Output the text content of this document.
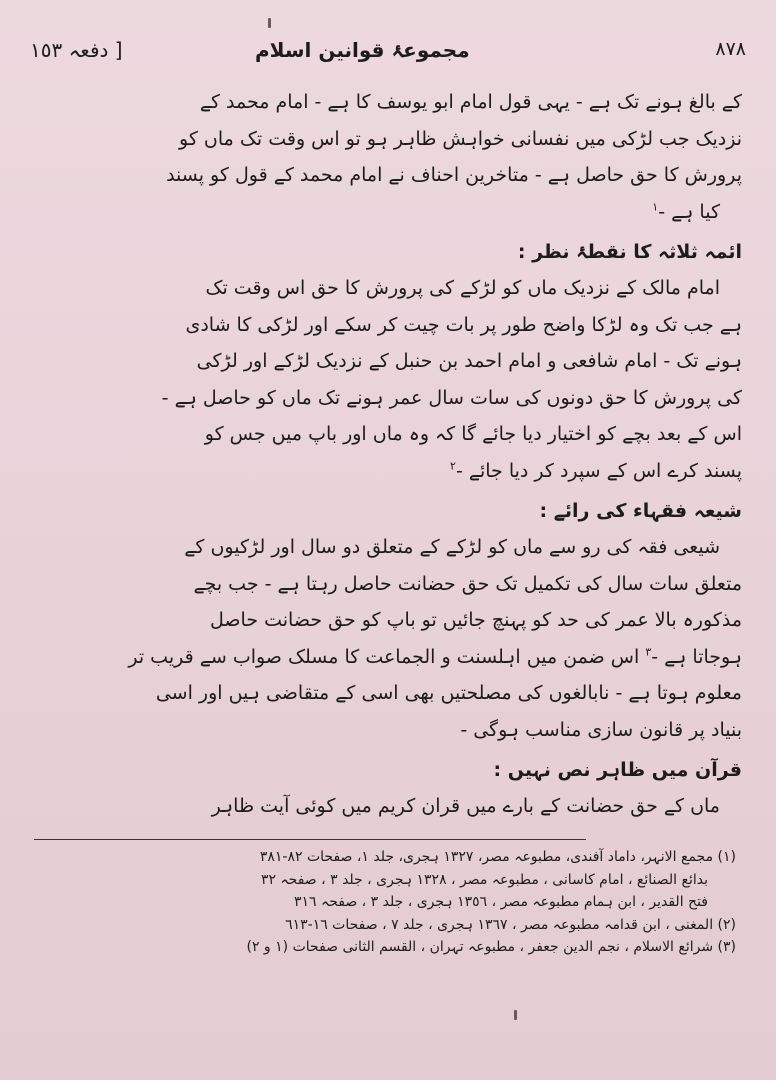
[ دفعہ ١٥٣	مجموعۂ قوانین اسلام	٨٧٨
کے بالغ ہونے تک ہے - یہی قول امام ابو یوسف کا ہے - امام محمد کے
نزدیک جب لڑکی میں نفسانی خواہش ظاہر ہو تو اس وقت تک ماں کو
پرورش کا حق حاصل ہے - متاخرین احناف نے امام محمد کے قول کو پسند
کیا ہے -$^١$
ائمہ ثلاثہ کا نقطۂ نظر :
امام مالک کے نزدیک ماں کو لڑکے کی پرورش کا حق اس وقت تک
ہے جب تک وہ لڑکا واضح طور پر بات چیت کر سکے اور لڑکی کا شادی
ہونے تک - امام شافعی و امام احمد بن حنبل کے نزدیک لڑکے اور لڑکی
کی پرورش کا حق دونوں کی سات سال عمر ہونے تک ماں کو حاصل ہے -
اس کے بعد بچے کو اختیار دیا جائے گا کہ وہ ماں اور باپ میں جس کو
پسند کرے اس کے سپرد کر دیا جائے -$^٢$
شیعہ فقہاء کی رائے :
شیعی فقہ کی رو سے ماں کو لڑکے کے متعلق دو سال اور لڑکیوں کے
متعلق سات سال کی تکمیل تک حق حضانت حاصل رہتا ہے - جب بچے
مذکورہ بالا عمر کی حد کو پہنچ جائیں تو باپ کو حق حضانت حاصل
ہوجاتا ہے -$^٣$ اس ضمن میں اہلسنت و الجماعت کا مسلک صواب سے قریب تر
معلوم ہوتا ہے - نابالغوں کی مصلحتیں بھی اسی کے متقاضی ہیں اور اسی
بنیاد پر قانون سازی مناسب ہوگی -
قرآن میں ظاہر نص نہیں :
ماں کے حق حضانت کے بارے میں قران کریم میں کوئی آیت ظاہر
(١) مجمع الانہر، داماد آفندی، مطبوعہ مصر، ١٣٢٧ ہجری، جلد ١، صفحات ٨٢-٣٨١
بدائع الصنائع ، امام کاسانی ، مطبوعہ مصر ، ١٣٢٨ ہجری ، جلد ٣ ، صفحہ ٣٢
فتح القدیر ، ابن ہمام مطبوعہ مصر ، ١٣٥٦ ہجری ، جلد ٣ ، صفحہ ٣١٦
(٢) المغنی ، ابن قدامہ مطبوعہ مصر ، ١٣٦٧ ہجری ، جلد ٧ ، صفحات ١٦-٦١٣
(٣) شرائع الاسلام ، نجم الدین جعفر ، مطبوعہ تہران ، القسم الثانی صفحات (١ و ٢)
